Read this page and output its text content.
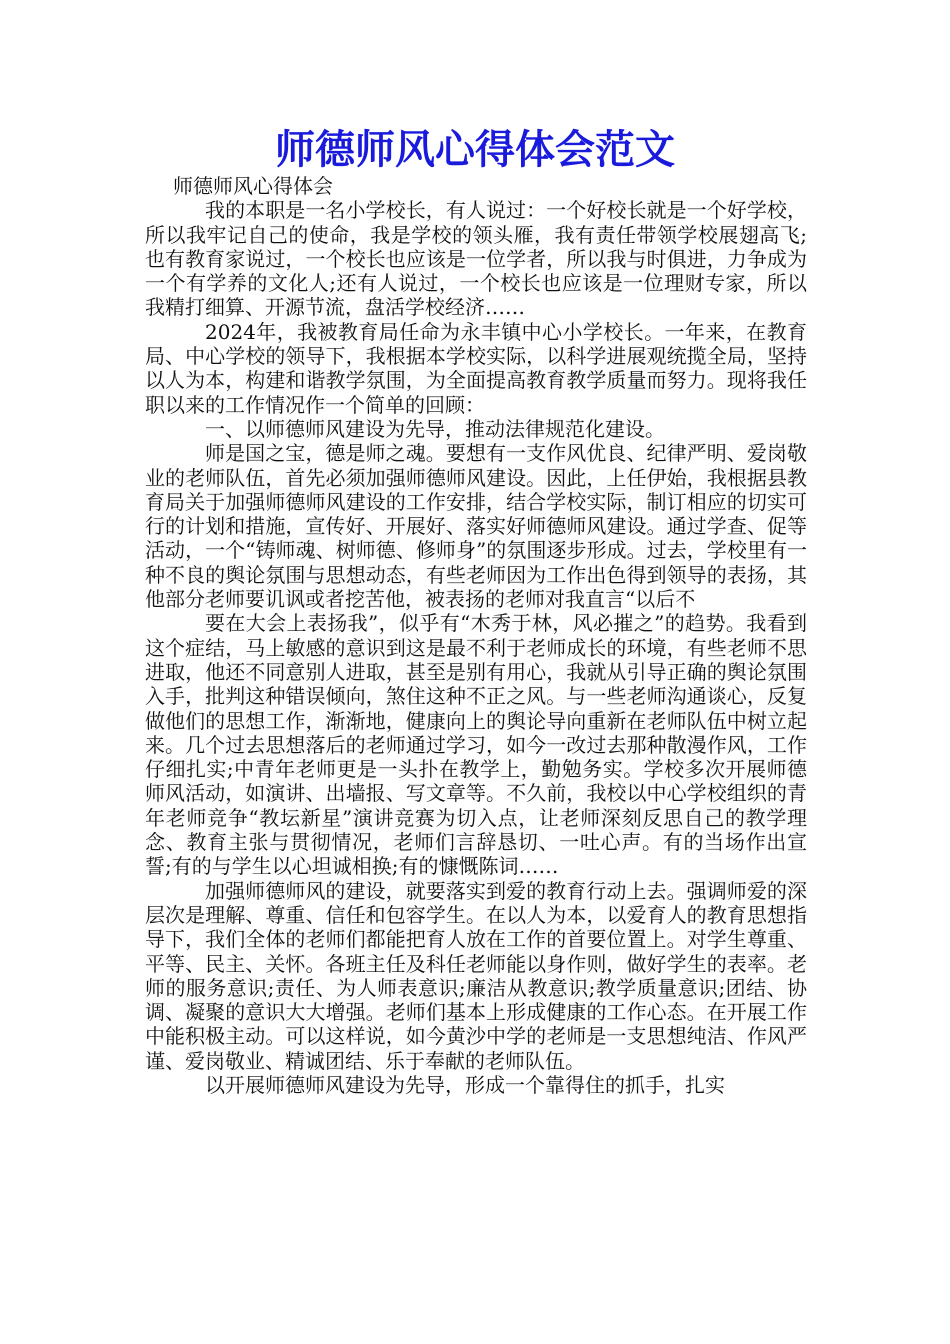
师德师风心得体会范文

师德师风心得体会

我的本职是一名小学校长，有人说过：一个好校长就是一个好学校，所以我牢记自己的使命，我是学校的领头雁，我有责任带领学校展翅高飞;也有教育家说过，一个校长也应该是一位学者，所以我与时俱进，力争成为一个有学养的文化人;还有人说过，一个校长也应该是一位理财专家，所以我精打细算、开源节流，盘活学校经济……

2024年，我被教育局任命为永丰镇中心小学校长。一年来，在教育局、中心学校的领导下，我根据本学校实际，以科学进展观统揽全局，坚持以人为本，构建和谐教学氛围，为全面提高教育教学质量而努力。现将我任职以来的工作情况作一个简单的回顾：

一、以师德师风建设为先导，推动法律规范化建设。

师是国之宝，德是师之魂。要想有一支作风优良、纪律严明、爱岗敬业的老师队伍，首先必须加强师德师风建设。因此，上任伊始，我根据县教育局关于加强师德师风建设的工作安排，结合学校实际，制订相应的切实可行的计划和措施，宣传好、开展好、落实好师德师风建设。通过学查、促等活动，一个“铸师魂、树师德、修师身”的氛围逐步形成。过去，学校里有一种不良的舆论氛围与思想动态，有些老师因为工作出色得到领导的表扬，其他部分老师要讥讽或者挖苦他，被表扬的老师对我直言“以后不

要在大会上表扬我”，似乎有“木秀于林，风必摧之”的趋势。我看到这个症结，马上敏感的意识到这是最不利于老师成长的环境，有些老师不思进取，他还不同意别人进取，甚至是别有用心，我就从引导正确的舆论氛围入手，批判这种错误倾向，煞住这种不正之风。与一些老师沟通谈心，反复做他们的思想工作，渐渐地，健康向上的舆论导向重新在老师队伍中树立起来。几个过去思想落后的老师通过学习，如今一改过去那种散漫作风，工作仔细扎实;中青年老师更是一头扑在教学上，勤勉务实。学校多次开展师德师风活动，如演讲、出墙报、写文章等。不久前，我校以中心学校组织的青年老师竞争“教坛新星”演讲竞赛为切入点，让老师深刻反思自己的教学理念、教育主张与贯彻情况，老师们言辞恳切、一吐心声。有的当场作出宣誓;有的与学生以心坦诚相换;有的慷慨陈词……

加强师德师风的建设，就要落实到爱的教育行动上去。强调师爱的深层次是理解、尊重、信任和包容学生。在以人为本，以爱育人的教育思想指导下，我们全体的老师们都能把育人放在工作的首要位置上。对学生尊重、平等、民主、关怀。各班主任及科任老师能以身作则，做好学生的表率。老师的服务意识;责任、为人师表意识;廉洁从教意识;教学质量意识;团结、协调、凝聚的意识大大增强。老师们基本上形成健康的工作心态。在开展工作中能积极主动。可以这样说，如今黄沙中学的老师是一支思想纯洁、作风严谨、爱岗敬业、精诚团结、乐于奉献的老师队伍。

以开展师德师风建设为先导，形成一个靠得住的抓手，扎实
